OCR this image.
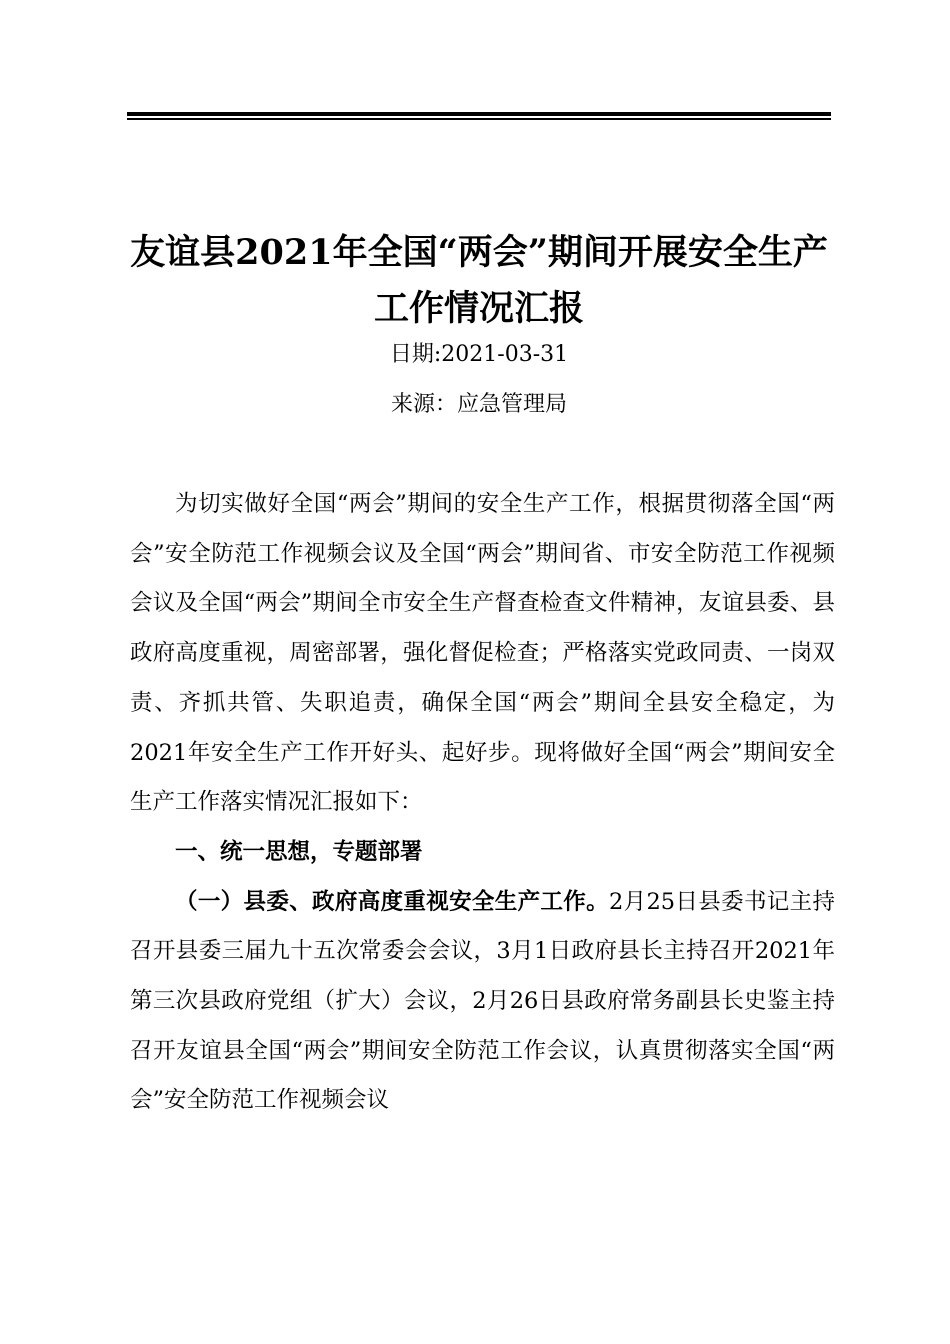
友谊县2021年全国“两会”期间开展安全生产工作情况汇报
日期:2021-03-31
来源：应急管理局

为切实做好全国“两会”期间的安全生产工作，根据贯彻落全国“两会”安全防范工作视频会议及全国“两会”期间省、市安全防范工作视频会议及全国“两会”期间全市安全生产督查检查文件精神，友谊县委、县政府高度重视，周密部署，强化督促检查；严格落实党政同责、一岗双责、齐抓共管、失职追责，确保全国“两会”期间全县安全稳定，为2021年安全生产工作开好头、起好步。现将做好全国“两会”期间安全生产工作落实情况汇报如下：

一、统一思想，专题部署

（一）县委、政府高度重视安全生产工作。2月25日县委书记主持召开县委三届九十五次常委会会议，3月1日政府县长主持召开2021年第三次县政府党组（扩大）会议，2月26日县政府常务副县长史鉴主持召开友谊县全国“两会”期间安全防范工作会议，认真贯彻落实全国“两会”安全防范工作视频会议
